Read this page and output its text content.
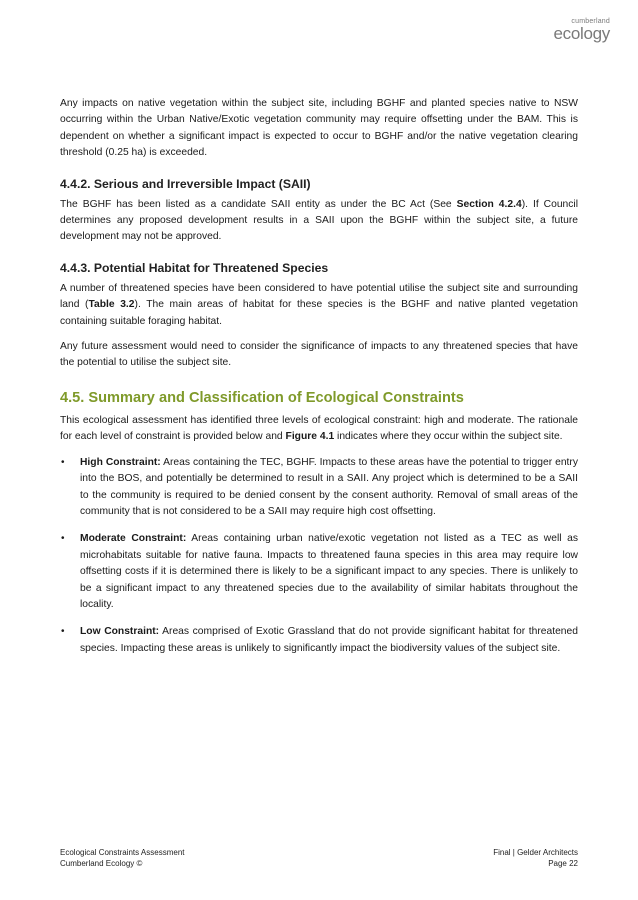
cumberland
ecology

Any impacts on native vegetation within the subject site, including BGHF and planted species native to NSW occurring within the Urban Native/Exotic vegetation community may require offsetting under the BAM. This is dependent on whether a significant impact is expected to occur to BGHF and/or the native vegetation clearing threshold (0.25 ha) is exceeded.

4.4.2. Serious and Irreversible Impact (SAII)

The BGHF has been listed as a candidate SAII entity as under the BC Act (See Section 4.2.4). If Council determines any proposed development results in a SAII upon the BGHF within the subject site, a future development may not be approved.

4.4.3. Potential Habitat for Threatened Species

A number of threatened species have been considered to have potential utilise the subject site and surrounding land (Table 3.2). The main areas of habitat for these species is the BGHF and native planted vegetation containing suitable foraging habitat.

Any future assessment would need to consider the significance of impacts to any threatened species that have the potential to utilise the subject site.

4.5. Summary and Classification of Ecological Constraints

This ecological assessment has identified three levels of ecological constraint: high and moderate. The rationale for each level of constraint is provided below and Figure 4.1 indicates where they occur within the subject site.

• High Constraint: Areas containing the TEC, BGHF. Impacts to these areas have the potential to trigger entry into the BOS, and potentially be determined to result in a SAII. Any project which is determined to be a SAII to the community is required to be denied consent by the consent authority. Removal of small areas of the community that is not considered to be a SAII may require high cost offsetting.
• Moderate Constraint: Areas containing urban native/exotic vegetation not listed as a TEC as well as microhabitats suitable for native fauna. Impacts to threatened fauna species in this area may require low offsetting costs if it is determined there is likely to be a significant impact to any species. There is unlikely to be a significant impact to any threatened species due to the availability of similar habitats throughout the locality.
• Low Constraint: Areas comprised of Exotic Grassland that do not provide significant habitat for threatened species. Impacting these areas is unlikely to significantly impact the biodiversity values of the subject site.
Ecological Constraints Assessment
Cumberland Ecology ©
Final | Gelder Architects
Page 22
